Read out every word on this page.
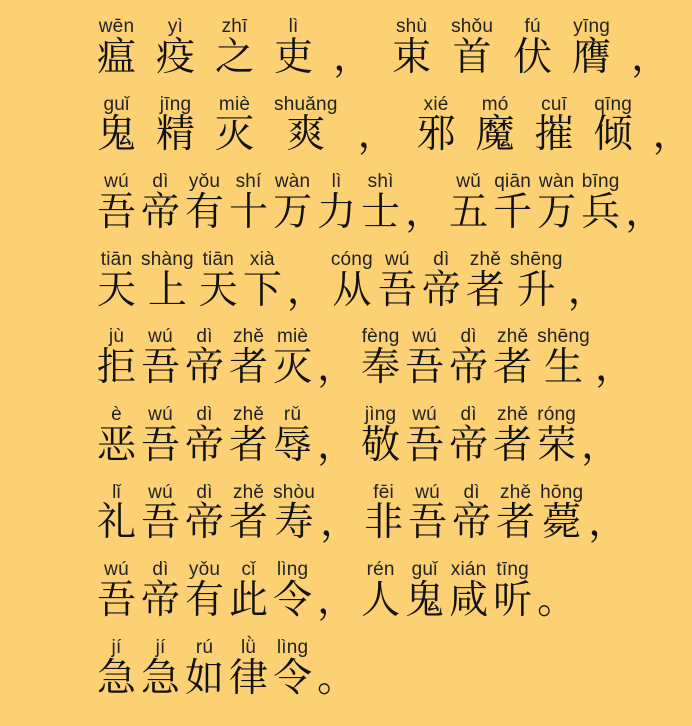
wēn
瘟
yì
疫
zhī
之
lì
吏 ，
shù
束
shǒu
首
fú
伏
yīng
膺 ，
guǐ
鬼
jīng
精
miè
灭
shuǎng
爽 ，
xié
邪
mó
魔
cuī
摧
qīng
倾 ，
wú
吾
dì
帝
yǒu
有
shí
十
wàn
万
lì
力
shì
士 ，
wǔ
五
qiān
千
wàn
万
bīng
兵 ，
tiān
天
shàng
上
tiān
天
xià
下 ，
cóng
从
wú
吾
dì
帝
zhě
者
shēng
升 ，
jù
拒
wú
吾
dì
帝
zhě
者
miè
灭 ，
fèng
奉
wú
吾
dì
帝
zhě
者
shēng
生 ，
è
恶
wú
吾
dì
帝
zhě
者
rǔ
辱 ，
jìng
敬
wú
吾
dì
帝
zhě
者
róng
荣 ，
lǐ
礼
wú
吾
dì
帝
zhě
者
shòu
寿 ，
fēi
非
wú
吾
dì
帝
zhě
者
hōng
薨 ，
wú
吾
dì
帝
yǒu
有
cǐ
此
lìng
令 ，
rén
人
guǐ
鬼
xián
咸
tīng
听 。
jí
急
jí
急
rú
如
lǜ
律
lìng
令 。
